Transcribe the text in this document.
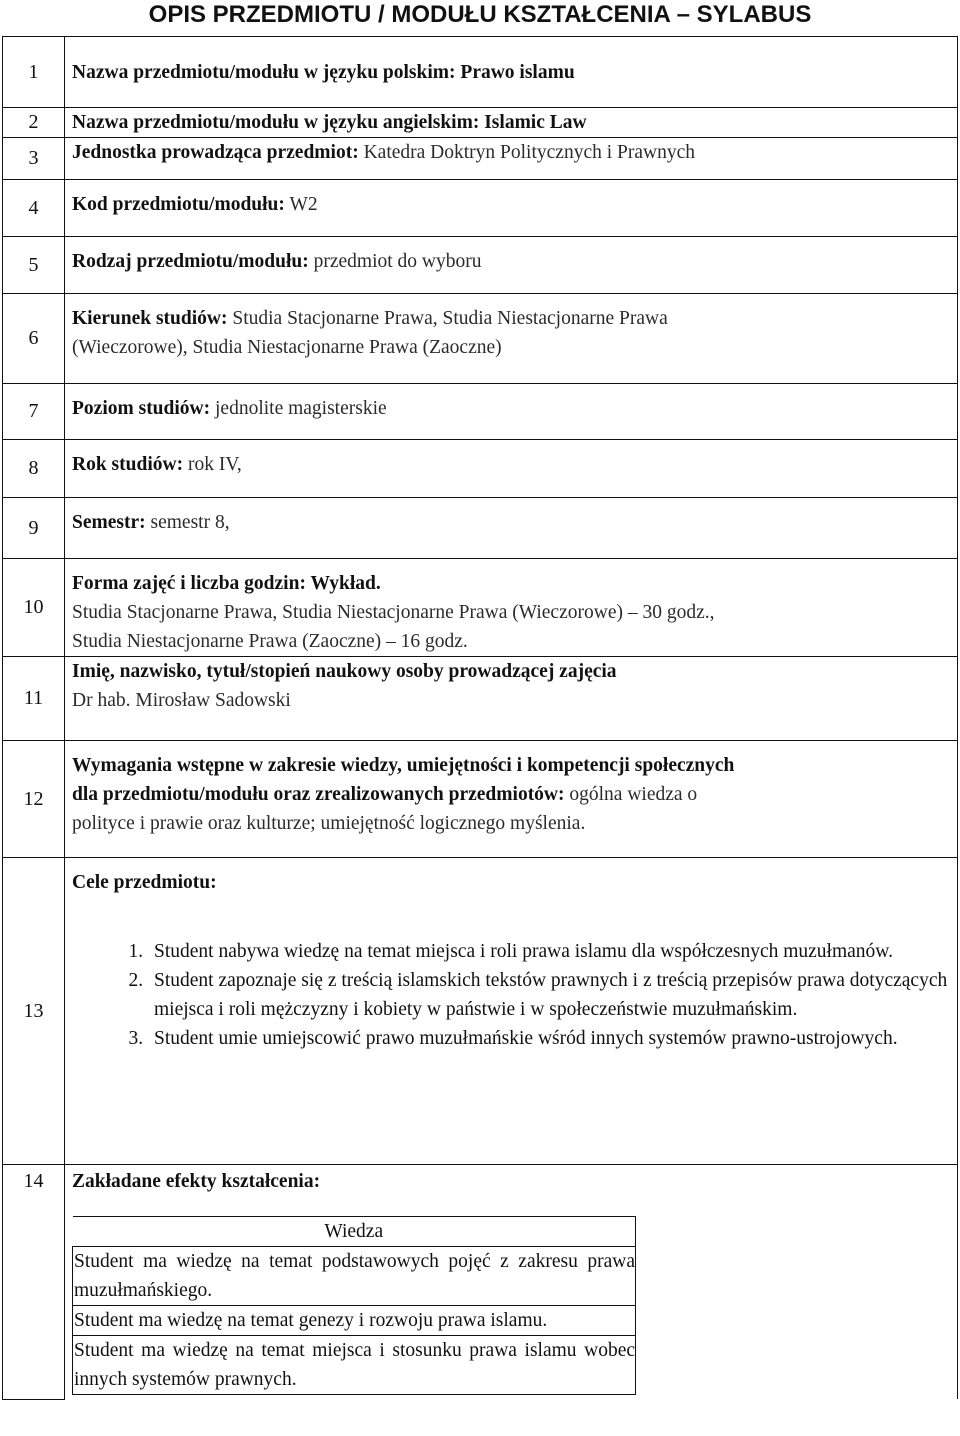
OPIS PRZEDMIOTU / MODUŁU KSZTAŁCENIA – SYLABUS
1	Nazwa przedmiotu/modułu w języku polskim: Prawo islamu
2	Nazwa przedmiotu/modułu w języku angielskim: Islamic Law
3	Jednostka prowadząca przedmiot: Katedra Doktryn Politycznych i Prawnych
4	Kod przedmiotu/modułu: W2
5	Rodzaj przedmiotu/modułu: przedmiot do wyboru
6	
Kierunek studiów: Studia Stacjonarne Prawa, Studia Niestacjonarne Prawa
(Wieczorowe), Studia Niestacjonarne Prawa (Zaoczne)

7	Poziom studiów: jednolite magisterskie
8	Rok studiów: rok IV,
9	Semestr: semestr 8,
10	
Forma zajęć i liczba godzin: Wykład.
Studia Stacjonarne Prawa, Studia Niestacjonarne Prawa (Wieczorowe) – 30 godz.,
Studia Niestacjonarne Prawa (Zaoczne) – 16 godz.

11	
Imię, nazwisko, tytuł/stopień naukowy osoby prowadzącej zajęcia
Dr hab. Mirosław Sadowski

12	
Wymagania wstępne w zakresie wiedzy, umiejętności i kompetencji społecznych
dla przedmiotu/modułu oraz zrealizowanych przedmiotów: ogólna wiedza o
polityce i prawie oraz kulturze; umiejętność logicznego myślenia.

13	
Cele przedmiotu:
1. Student nabywa wiedzę na temat miejsca i roli prawa islamu dla współczesnych muzułmanów.
2. Student zapoznaje się z treścią islamskich tekstów prawnych i z treścią przepisów prawa dotyczących miejsca i roli mężczyzny i kobiety w państwie i w społeczeństwie muzułmańskim.
3. Student umie umiejscowić prawo muzułmańskie wśród innych systemów prawno-ustrojowych.

14	Zakładane efekty kształcenia:
Wiedza
Student ma wiedzę na temat podstawowych pojęć z zakresu prawa muzułmańskiego.
Student ma wiedzę na temat genezy i rozwoju prawa islamu.
Student ma wiedzę na temat miejsca i stosunku prawa islamu wobec innych systemów prawnych.
